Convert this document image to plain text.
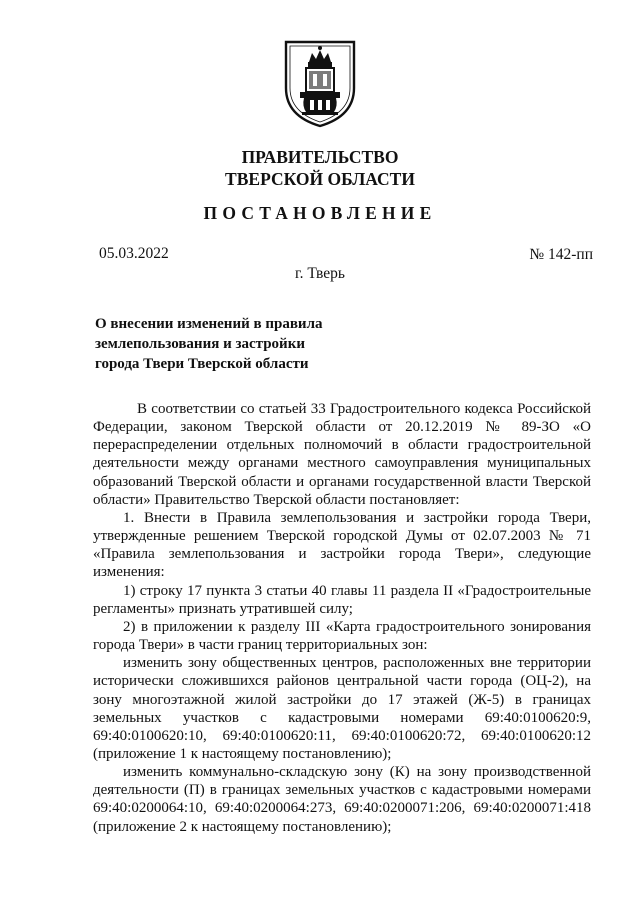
ПРАВИТЕЛЬСТВО
ТВЕРСКОЙ ОБЛАСТИ
ПОСТАНОВЛЕНИЕ
05.03.2022	№ 142-пп
г. Тверь
О внесении изменений в правила
землепользования и застройки
города Твери Тверской области

В соответствии со статьей 33 Градостроительного кодекса Российской Федерации, законом Тверской области от 20.12.2019 № 89-ЗО «О перераспределении отдельных полномочий в области градостроительной деятельности между органами местного самоуправления муниципальных образований Тверской области и органами государственной власти Тверской области» Правительство Тверской области постановляет:

1. Внести в Правила землепользования и застройки города Твери, утвержденные решением Тверской городской Думы от 02.07.2003 № 71 «Правила землепользования и застройки города Твери», следующие изменения:

1) строку 17 пункта 3 статьи 40 главы 11 раздела II «Градостроительные регламенты» признать утратившей силу;

2) в приложении к разделу III «Карта градостроительного зонирования города Твери» в части границ территориальных зон:

изменить зону общественных центров, расположенных вне территории исторически сложившихся районов центральной части города (ОЦ-2), на зону многоэтажной жилой застройки до 17 этажей (Ж-5) в границах земельных участков с кадастровыми номерами 69:40:0100620:9, 69:40:0100620:10, 69:40:0100620:11, 69:40:0100620:72, 69:40:0100620:12 (приложение 1 к настоящему постановлению);

изменить коммунально-складскую зону (К) на зону производственной деятельности (П) в границах земельных участков с кадастровыми номерами 69:40:0200064:10, 69:40:0200064:273, 69:40:0200071:206, 69:40:0200071:418 (приложение 2 к настоящему постановлению);
